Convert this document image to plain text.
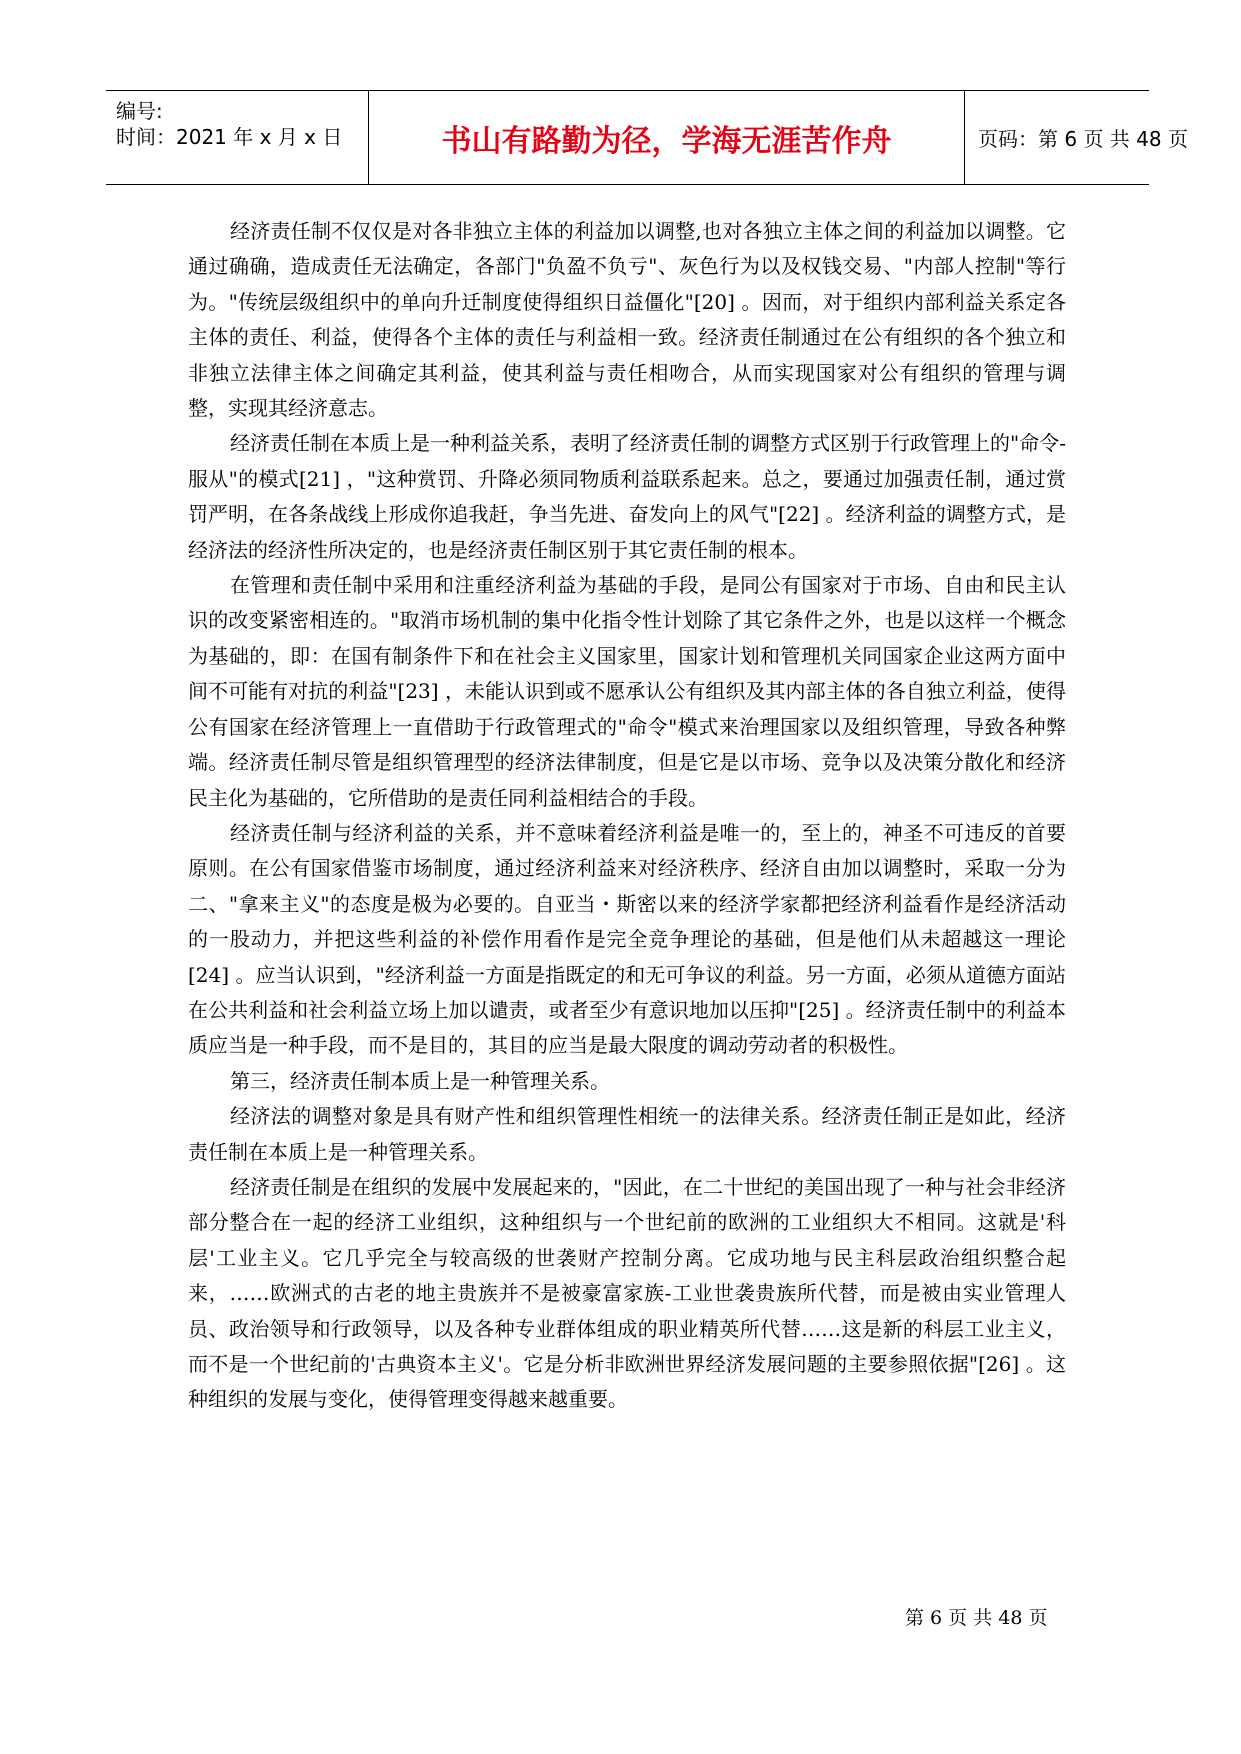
编号:
时间：2021 年 x 月 x 日	书山有路勤为径，学海无涯苦作舟	页码：第 6 页 共 48 页

经济责任制不仅仅是对各非独立主体的利益加以调整,也对各独立主体之间的利益加以调整。它通过确确，造成责任无法确定，各部门"负盈不负亏"、灰色行为以及权钱交易、"内部人控制"等行为。"传统层级组织中的单向升迁制度使得组织日益僵化"[20] 。因而，对于组织内部利益关系定各主体的责任、利益，使得各个主体的责任与利益相一致。经济责任制通过在公有组织的各个独立和非独立法律主体之间确定其利益，使其利益与责任相吻合，从而实现国家对公有组织的管理与调整，实现其经济意志。

经济责任制在本质上是一种利益关系，表明了经济责任制的调整方式区别于行政管理上的"命令-服从"的模式[21] ，"这种赏罚、升降必须同物质利益联系起来。总之，要通过加强责任制，通过赏罚严明，在各条战线上形成你追我赶，争当先进、奋发向上的风气"[22] 。经济利益的调整方式，是经济法的经济性所决定的，也是经济责任制区别于其它责任制的根本。

在管理和责任制中采用和注重经济利益为基础的手段，是同公有国家对于市场、自由和民主认识的改变紧密相连的。"取消市场机制的集中化指令性计划除了其它条件之外，也是以这样一个概念为基础的，即：在国有制条件下和在社会主义国家里，国家计划和管理机关同国家企业这两方面中间不可能有对抗的利益"[23] ，未能认识到或不愿承认公有组织及其内部主体的各自独立利益，使得公有国家在经济管理上一直借助于行政管理式的"命令"模式来治理国家以及组织管理，导致各种弊端。经济责任制尽管是组织管理型的经济法律制度，但是它是以市场、竞争以及决策分散化和经济民主化为基础的，它所借助的是责任同利益相结合的手段。

经济责任制与经济利益的关系，并不意味着经济利益是唯一的，至上的，神圣不可违反的首要原则。在公有国家借鉴市场制度，通过经济利益来对经济秩序、经济自由加以调整时，采取一分为二、"拿来主义"的态度是极为必要的。自亚当・斯密以来的经济学家都把经济利益看作是经济活动的一股动力，并把这些利益的补偿作用看作是完全竞争理论的基础，但是他们从未超越这一理论[24] 。应当认识到，"经济利益一方面是指既定的和无可争议的利益。另一方面，必须从道德方面站在公共利益和社会利益立场上加以谴责，或者至少有意识地加以压抑"[25] 。经济责任制中的利益本质应当是一种手段，而不是目的，其目的应当是最大限度的调动劳动者的积极性。

第三，经济责任制本质上是一种管理关系。

经济法的调整对象是具有财产性和组织管理性相统一的法律关系。经济责任制正是如此，经济责任制在本质上是一种管理关系。

经济责任制是在组织的发展中发展起来的，"因此，在二十世纪的美国出现了一种与社会非经济部分整合在一起的经济工业组织，这种组织与一个世纪前的欧洲的工业组织大不相同。这就是'科层'工业主义。它几乎完全与较高级的世袭财产控制分离。它成功地与民主科层政治组织整合起来，……欧洲式的古老的地主贵族并不是被豪富家族-工业世袭贵族所代替，而是被由实业管理人员、政治领导和行政领导，以及各种专业群体组成的职业精英所代替……这是新的科层工业主义，而不是一个世纪前的'古典资本主义'。它是分析非欧洲世界经济发展问题的主要参照依据"[26] 。这种组织的发展与变化，使得管理变得越来越重要。

第 6 页 共 48 页
